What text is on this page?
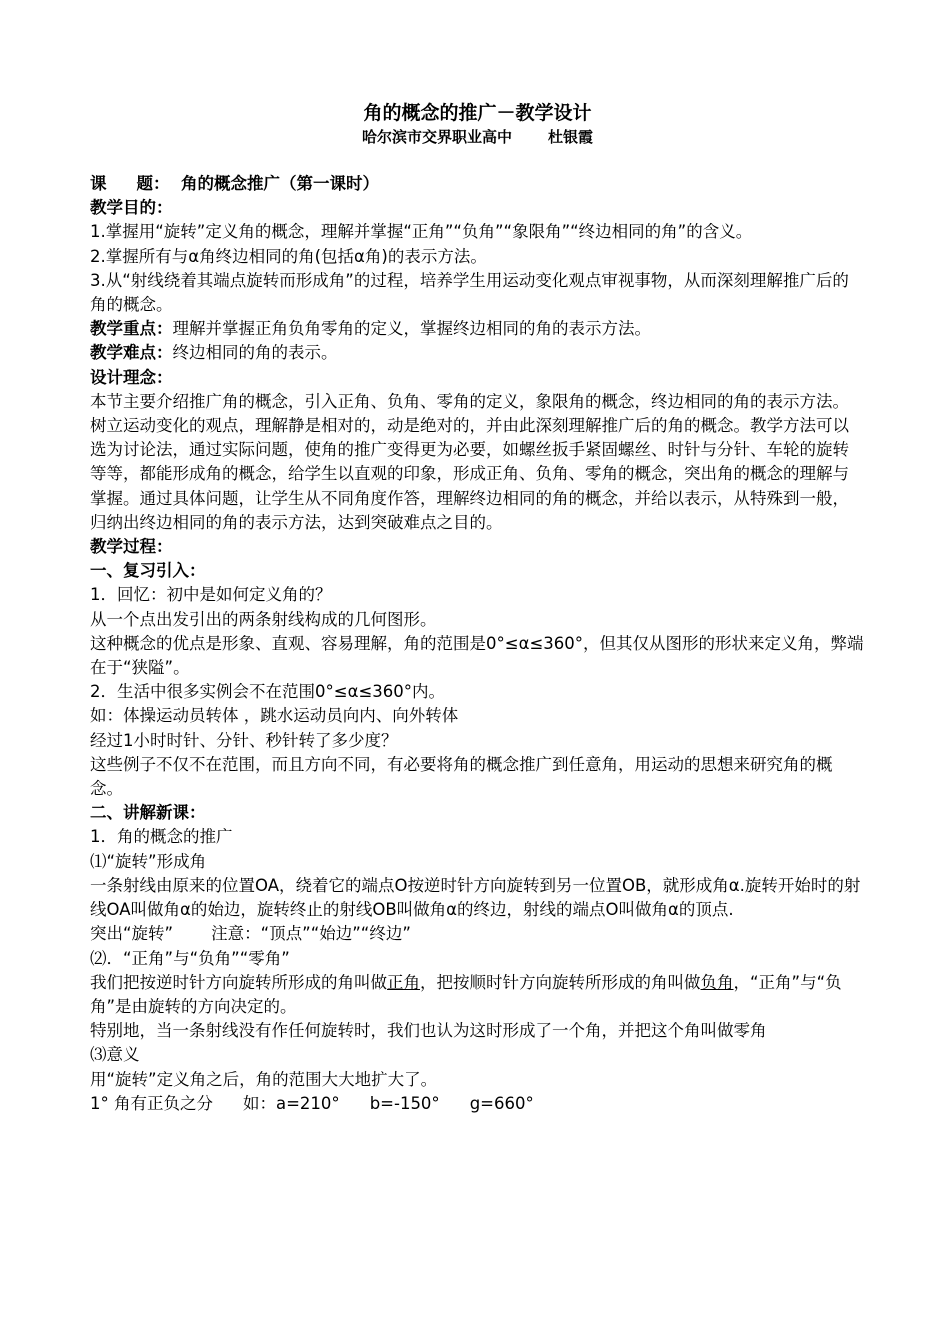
角的概念的推广－教学设计

哈尔滨市交界职业高中 杜银霞

课 题： 角的概念推广（第一课时）

教学目的：

1.掌握用“旋转”定义角的概念，理解并掌握“正角”“负角”“象限角”“终边相同的角”的含义。

2.掌握所有与α角终边相同的角(包括α角)的表示方法。

3.从“射线绕着其端点旋转而形成角”的过程，培养学生用运动变化观点审视事物，从而深刻理解推广后的角的概念。

教学重点：理解并掌握正角负角零角的定义，掌握终边相同的角的表示方法。

教学难点：终边相同的角的表示。

设计理念：

本节主要介绍推广角的概念，引入正角、负角、零角的定义，象限角的概念，终边相同的角的表示方法。树立运动变化的观点，理解静是相对的，动是绝对的，并由此深刻理解推广后的角的概念。教学方法可以选为讨论法，通过实际问题，使角的推广变得更为必要，如螺丝扳手紧固螺丝、时针与分针、车轮的旋转等等，都能形成角的概念，给学生以直观的印象，形成正角、负角、零角的概念，突出角的概念的理解与掌握。通过具体问题，让学生从不同角度作答，理解终边相同的角的概念，并给以表示，从特殊到一般，归纳出终边相同的角的表示方法，达到突破难点之目的。

教学过程：

一、复习引入：

1．回忆：初中是如何定义角的？

从一个点出发引出的两条射线构成的几何图形。

这种概念的优点是形象、直观、容易理解，角的范围是0°≤α≤360°，但其仅从图形的形状来定义角，弊端在于“狭隘”。

2．生活中很多实例会不在范围0°≤α≤360°内。

如：体操运动员转体 ，跳水运动员向内、向外转体

经过1小时时针、分针、秒针转了多少度？

这些例子不仅不在范围，而且方向不同，有必要将角的概念推广到任意角，用运动的思想来研究角的概念。

二、讲解新课：

1．角的概念的推广

⑴“旋转”形成角

一条射线由原来的位置OA，绕着它的端点O按逆时针方向旋转到另一位置OB，就形成角α.旋转开始时的射线OA叫做角α的始边，旋转终止的射线OB叫做角α的终边，射线的端点O叫做角α的顶点.

突出“旋转” 注意：“顶点”“始边”“终边”

⑵．“正角”与“负角”“零角”

我们把按逆时针方向旋转所形成的角叫做正角，把按顺时针方向旋转所形成的角叫做负角，“正角”与“负角”是由旋转的方向决定的。

特别地，当一条射线没有作任何旋转时，我们也认为这时形成了一个角，并把这个角叫做零角

⑶意义

用“旋转”定义角之后，角的范围大大地扩大了。

1° 角有正负之分 如：a=210° b=-150° g=660°
